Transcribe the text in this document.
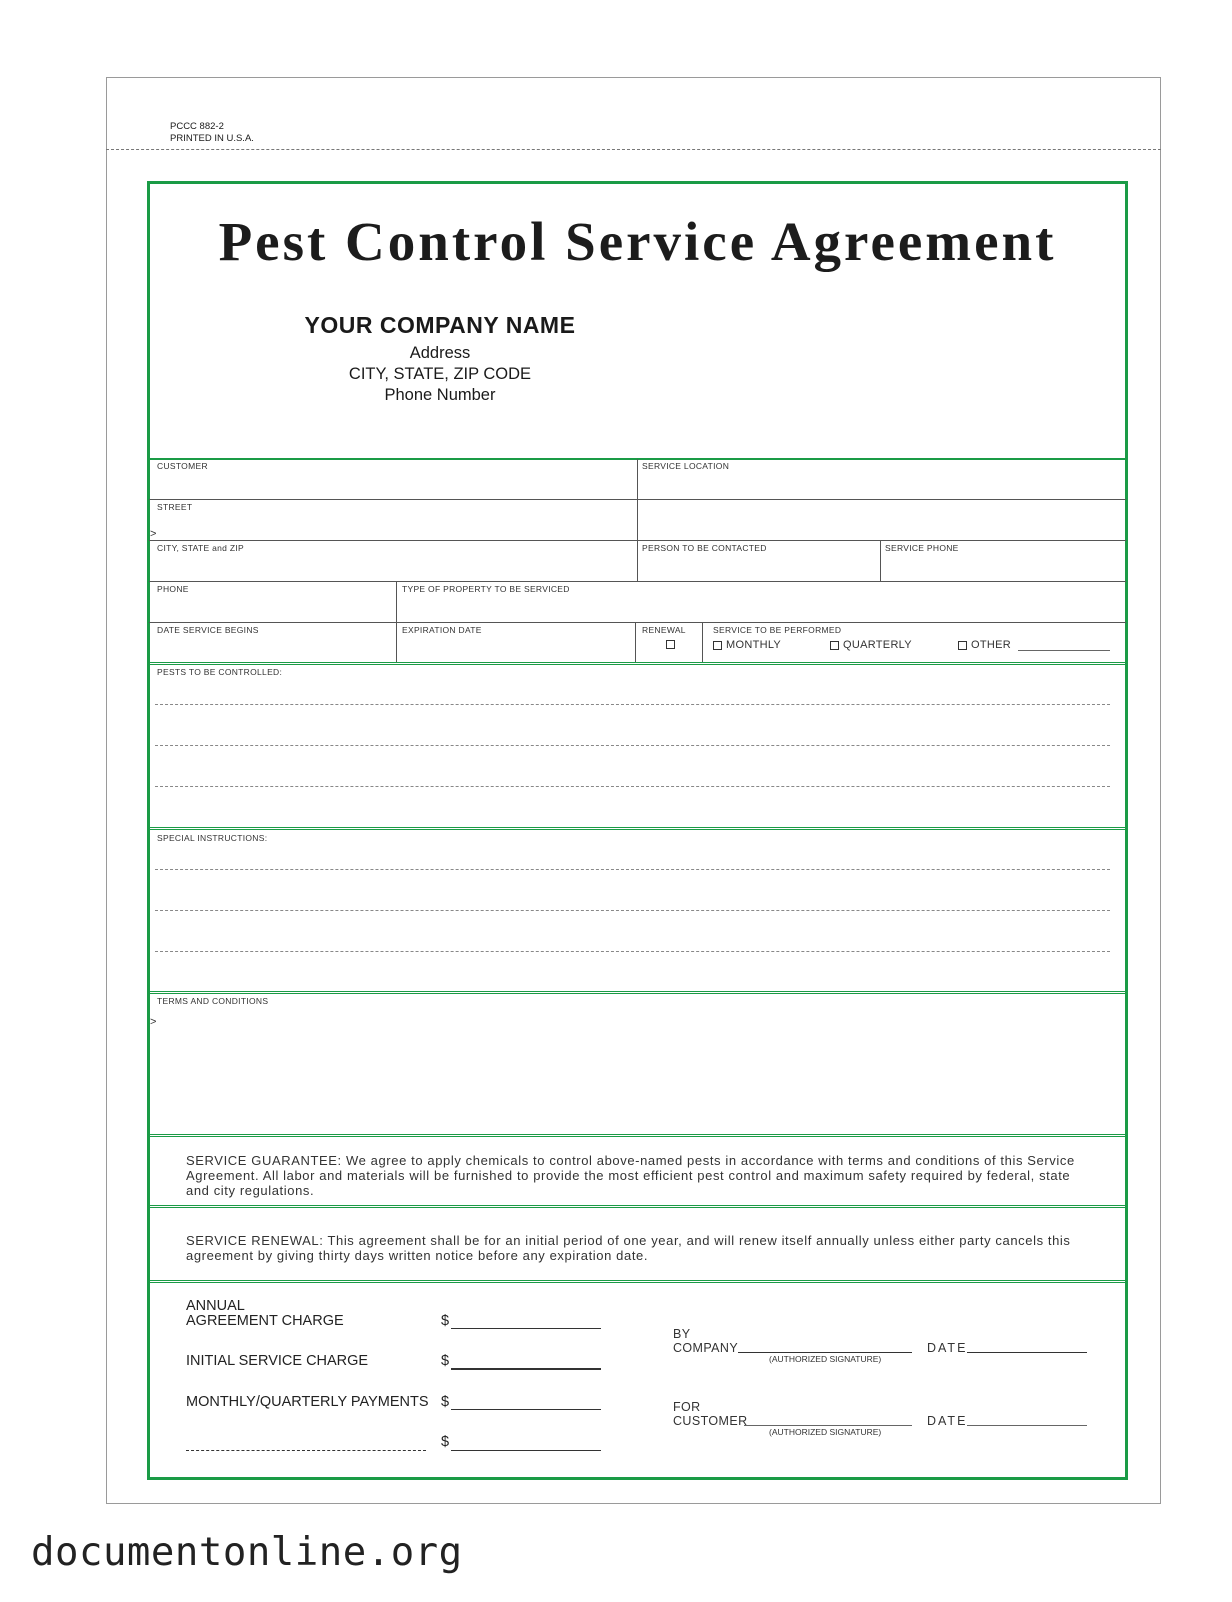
PCCC 882-2
PRINTED IN U.S.A.
Pest Control Service Agreement
YOUR COMPANY NAME
Address
CITY, STATE, ZIP CODE
Phone Number
CUSTOMER	SERVICE LOCATION
STREET
>
CITY, STATE and ZIP	PERSON TO BE CONTACTED	SERVICE PHONE
PHONE	TYPE OF PROPERTY TO BE SERVICED
DATE SERVICE BEGINS	EXPIRATION DATE	RENEWAL	SERVICE TO BE PERFORMED
MONTHLY	QUARTERLY	OTHER
PESTS TO BE CONTROLLED:
SPECIAL INSTRUCTIONS:
TERMS AND CONDITIONS
>
SERVICE GUARANTEE: We agree to apply chemicals to control above-named pests in accordance with terms and conditions of this Service Agreement. All labor and materials will be furnished to provide the most efficient pest control and maximum safety required by federal, state and city regulations.
SERVICE RENEWAL: This agreement shall be for an initial period of one year, and will renew itself annually unless either party cancels this agreement by giving thirty days written notice before any expiration date.
ANNUAL
AGREEMENT CHARGE	$
INITIAL SERVICE CHARGE	$
MONTHLY/QUARTERLY PAYMENTS $
$
BY
COMPANY
(AUTHORIZED SIGNATURE)
DATE
FOR
CUSTOMER
(AUTHORIZED SIGNATURE)
DATE
documentonline.org
